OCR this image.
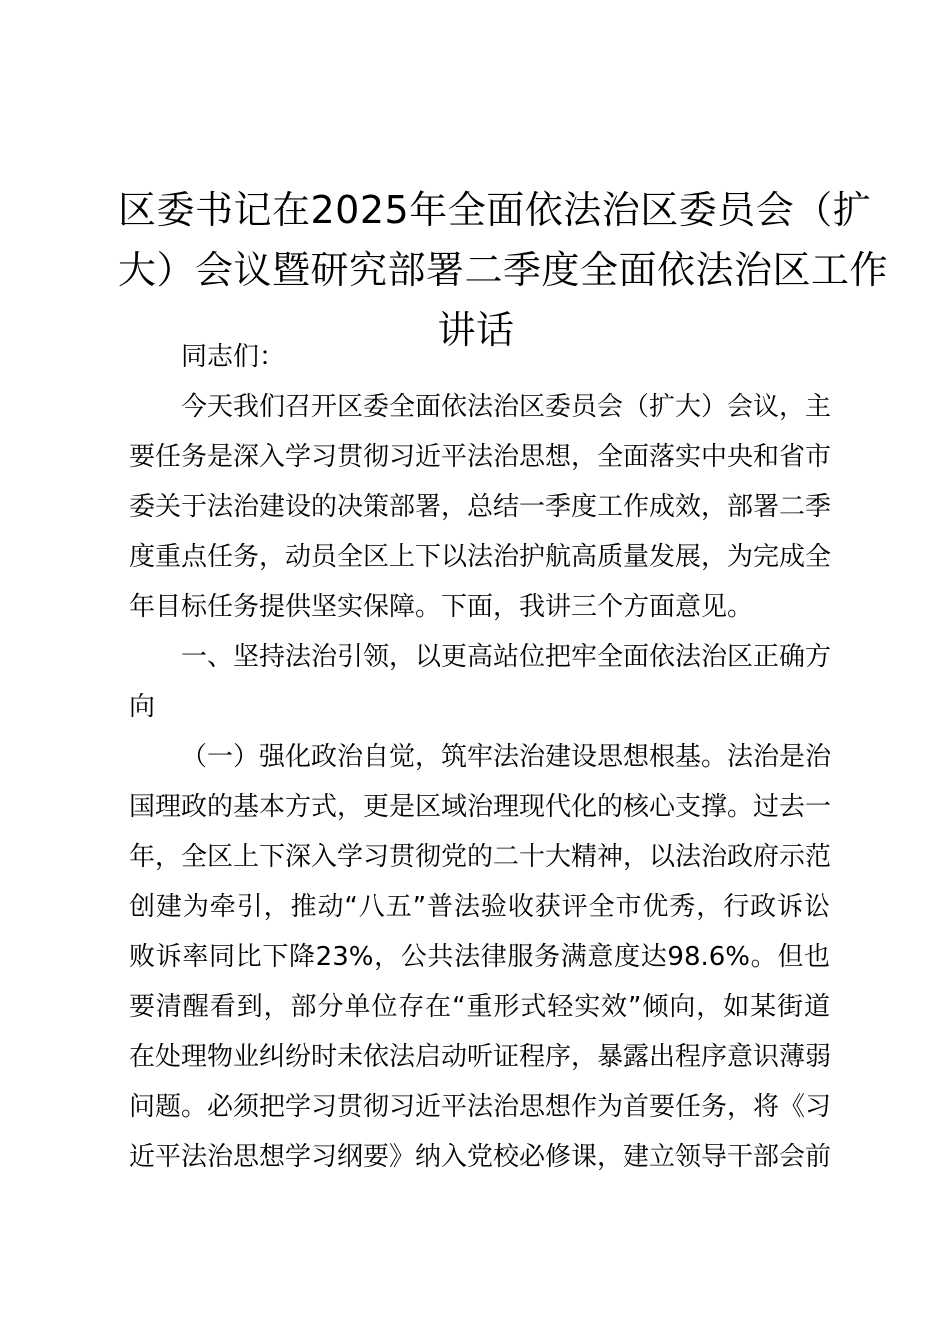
区委书记在2025年全面依法治区委员会（扩
大）会议暨研究部署二季度全面依法治区工作
讲话

同志们：

今天我们召开区委全面依法治区委员会（扩大）会议，主
要任务是深入学习贯彻习近平法治思想，全面落实中央和省市
委关于法治建设的决策部署，总结一季度工作成效，部署二季
度重点任务，动员全区上下以法治护航高质量发展，为完成全
年目标任务提供坚实保障。下面，我讲三个方面意见。

一、坚持法治引领，以更高站位把牢全面依法治区正确方
向

（一）强化政治自觉，筑牢法治建设思想根基。法治是治
国理政的基本方式，更是区域治理现代化的核心支撑。过去一
年，全区上下深入学习贯彻党的二十大精神，以法治政府示范
创建为牵引，推动“八五”普法验收获评全市优秀，行政诉讼
败诉率同比下降23%，公共法律服务满意度达98.6%。但也
要清醒看到，部分单位存在“重形式轻实效”倾向，如某街道
在处理物业纠纷时未依法启动听证程序，暴露出程序意识薄弱
问题。必须把学习贯彻习近平法治思想作为首要任务，将《习
近平法治思想学习纲要》纳入党校必修课，建立领导干部会前
